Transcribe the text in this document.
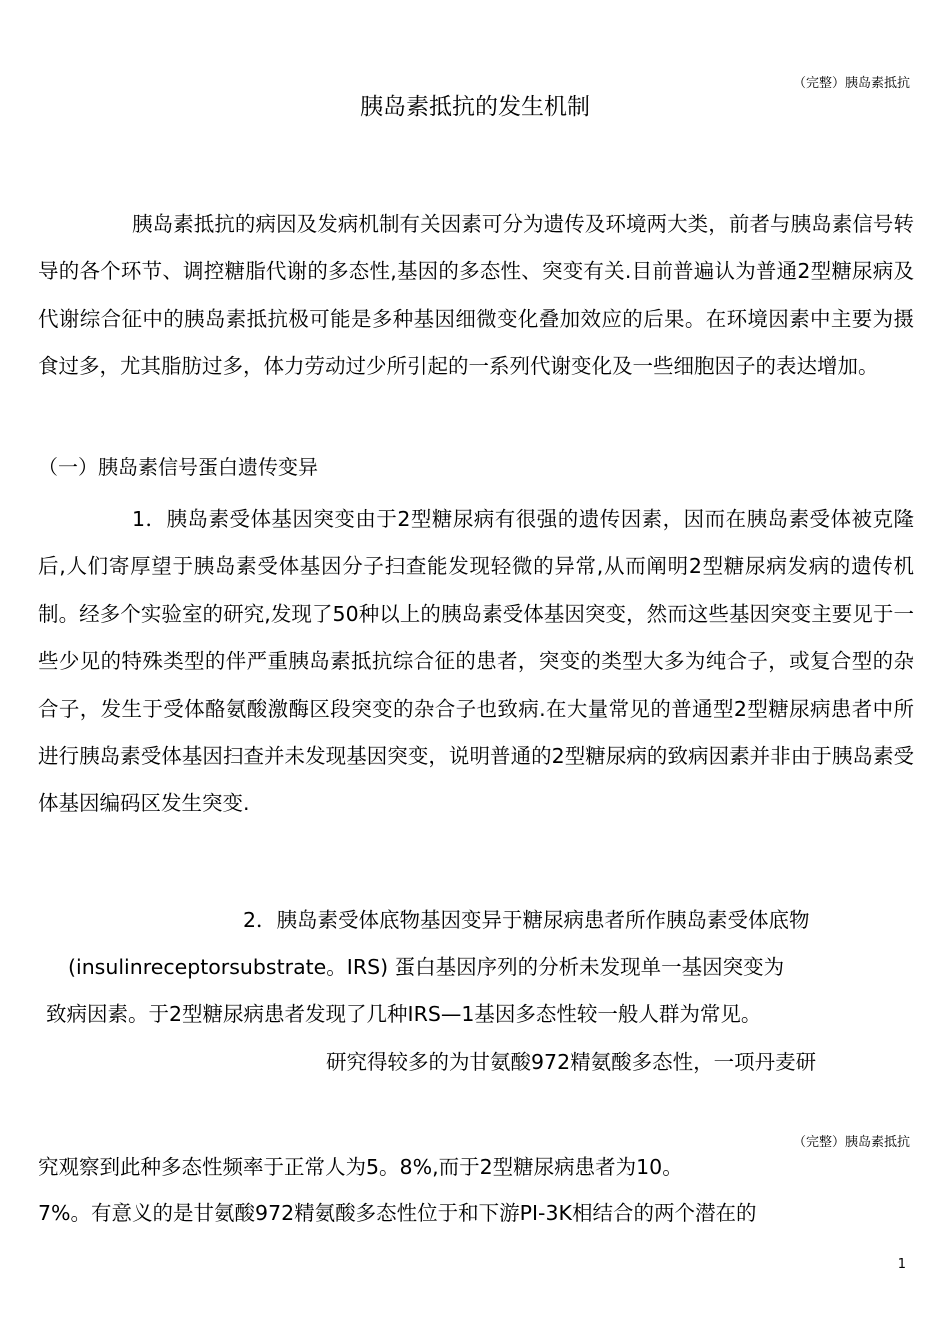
（完整）胰岛素抵抗
胰岛素抵抗的发生机制

胰岛素抵抗的病因及发病机制有关因素可分为遗传及环境两大类，前者与胰岛素信号转导的各个环节、调控糖脂代谢的多态性,基因的多态性、突变有关.目前普遍认为普通2型糖尿病及代谢综合征中的胰岛素抵抗极可能是多种基因细微变化叠加效应的后果。在环境因素中主要为摄食过多，尤其脂肪过多，体力劳动过少所引起的一系列代谢变化及一些细胞因子的表达增加。

（一）胰岛素信号蛋白遗传变异

1．胰岛素受体基因突变由于2型糖尿病有很强的遗传因素，因而在胰岛素受体被克隆后,人们寄厚望于胰岛素受体基因分子扫查能发现轻微的异常,从而阐明2型糖尿病发病的遗传机制。经多个实验室的研究,发现了50种以上的胰岛素受体基因突变，然而这些基因突变主要见于一些少见的特殊类型的伴严重胰岛素抵抗综合征的患者，突变的类型大多为纯合子，或复合型的杂合子，发生于受体酪氨酸激酶区段突变的杂合子也致病.在大量常见的普通型2型糖尿病患者中所进行胰岛素受体基因扫查并未发现基因突变，说明普通的2型糖尿病的致病因素并非由于胰岛素受体基因编码区发生突变.

2．胰岛素受体底物基因变异于糖尿病患者所作胰岛素受体底物

(insulinreceptorsubstrate。IRS) 蛋白基因序列的分析未发现单一基因突变为

致病因素。于2型糖尿病患者发现了几种IRS—1基因多态性较一般人群为常见。

研究得较多的为甘氨酸972精氨酸多态性，一项丹麦研

（完整）胰岛素抵抗

究观察到此种多态性频率于正常人为5。8%,而于2型糖尿病患者为10。

7%。有意义的是甘氨酸972精氨酸多态性位于和下游PI-3K相结合的两个潜在的

1
